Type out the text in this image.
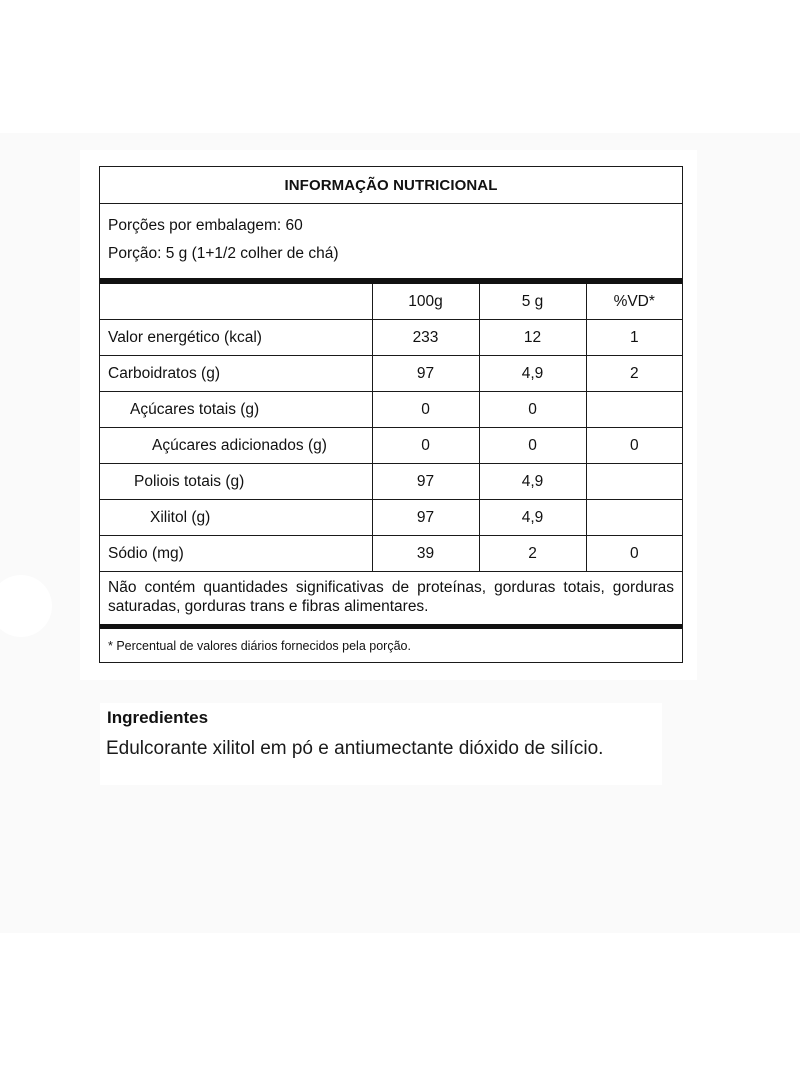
INFORMAÇÃO NUTRICIONAL
Porções por embalagem: 60
Porção: 5 g (1+1/2 colher de chá)
	100g	5 g	%VD*
Valor energético (kcal)	233	12	1
Carboidratos (g)	97	4,9	2
Açúcares totais (g)	0	0	
Açúcares adicionados (g)	0	0	0
Poliois totais (g)	97	4,9	
Xilitol (g)	97	4,9	
Sódio (mg)	39	2	0
Não contém quantidades significativas de proteínas, gorduras totais, gorduras saturadas, gorduras trans e fibras alimentares.
* Percentual de valores diários fornecidos pela porção.
Ingredientes
Edulcorante xilitol em pó e antiumectante dióxido de silício.
